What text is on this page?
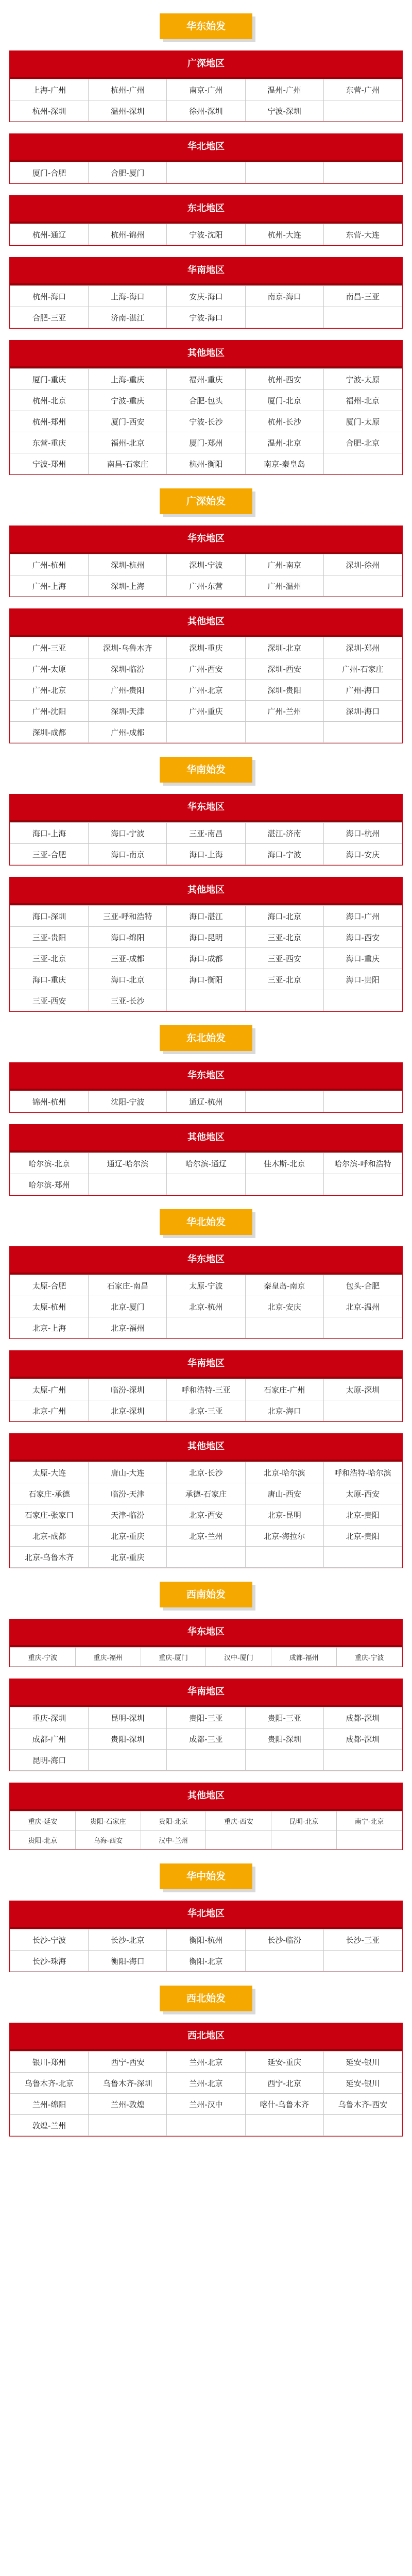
华东始发
广深地区
上海-广州	杭州-广州	南京-广州	温州-广州	东营-广州
杭州-深圳	温州-深圳	徐州-深圳	宁波-深圳	
华北地区
厦门-合肥	合肥-厦门			
东北地区
杭州-通辽	杭州-锦州	宁波-沈阳	杭州-大连	东营-大连
华南地区
杭州-海口	上海-海口	安庆-海口	南京-海口	南昌-三亚
合肥-三亚	济南-湛江	宁波-海口		
其他地区
厦门-重庆	上海-重庆	福州-重庆	杭州-西安	宁波-太原
杭州-北京	宁波-重庆	合肥-包头	厦门-北京	福州-北京
杭州-郑州	厦门-西安	宁波-长沙	杭州-长沙	厦门-太原
东营-重庆	福州-北京	厦门-郑州	温州-北京	合肥-北京
宁波-郑州	南昌-石家庄	杭州-衡阳	南京-秦皇岛	
广深始发
华东地区
广州-杭州	深圳-杭州	深圳-宁波	广州-南京	深圳-徐州
广州-上海	深圳-上海	广州-东营	广州-温州	
其他地区
广州-三亚	深圳-乌鲁木齐	深圳-重庆	深圳-北京	深圳-郑州
广州-太原	深圳-临汾	广州-西安	深圳-西安	广州-石家庄
广州-北京	广州-贵阳	广州-北京	深圳-贵阳	广州-海口
广州-沈阳	深圳-天津	广州-重庆	广州-兰州	深圳-海口
深圳-成都	广州-成都			
华南始发
华东地区
海口-上海	海口-宁波	三亚-南昌	湛江-济南	海口-杭州
三亚-合肥	海口-南京	海口-上海	海口-宁波	海口-安庆
其他地区
海口-深圳	三亚-呼和浩特	海口-湛江	海口-北京	海口-广州
三亚-贵阳	海口-绵阳	海口-昆明	三亚-北京	海口-西安
三亚-北京	三亚-成都	海口-成都	三亚-西安	海口-重庆
海口-重庆	海口-北京	海口-衡阳	三亚-北京	海口-贵阳
三亚-西安	三亚-长沙			
东北始发
华东地区
锦州-杭州	沈阳-宁波	通辽-杭州		
其他地区
哈尔滨-北京	通辽-哈尔滨	哈尔滨-通辽	佳木斯-北京	哈尔滨-呼和浩特
哈尔滨-郑州				
华北始发
华东地区
太原-合肥	石家庄-南昌	太原-宁波	秦皇岛-南京	包头-合肥
太原-杭州	北京-厦门	北京-杭州	北京-安庆	北京-温州
北京-上海	北京-福州			
华南地区
太原-广州	临汾-深圳	呼和浩特-三亚	石家庄-广州	太原-深圳
北京-广州	北京-深圳	北京-三亚	北京-海口	
其他地区
太原-大连	唐山-大连	北京-长沙	北京-哈尔滨	呼和浩特-哈尔滨
石家庄-承德	临汾-天津	承德-石家庄	唐山-西安	太原-西安
石家庄-张家口	天津-临汾	北京-西安	北京-昆明	北京-贵阳
北京-成都	北京-重庆	北京-兰州	北京-海拉尔	北京-贵阳
北京-乌鲁木齐	北京-重庆			
西南始发
华东地区
重庆-宁波	重庆-福州	重庆-厦门	汉中-厦门	成都-福州	重庆-宁波
华南地区
重庆-深圳	昆明-深圳	贵阳-三亚	贵阳-三亚	成都-深圳
成都-广州	贵阳-深圳	成都-三亚	贵阳-深圳	成都-深圳
昆明-海口				
其他地区
重庆-延安	贵阳-石家庄	贵阳-北京	重庆-西安	昆明-北京	南宁-北京
贵阳-北京	乌海-西安	汉中-兰州			
华中始发
华北地区
长沙-宁波	长沙-北京	衡阳-杭州	长沙-临汾	长沙-三亚
长沙-珠海	衡阳-海口	衡阳-北京		
西北始发
西北地区
银川-郑州	西宁-西安	兰州-北京	延安-重庆	延安-银川
乌鲁木齐-北京	乌鲁木齐-深圳	兰州-北京	西宁-北京	延安-银川
兰州-绵阳	兰州-敦煌	兰州-汉中	喀什-乌鲁木齐	乌鲁木齐-西安
敦煌-兰州				
